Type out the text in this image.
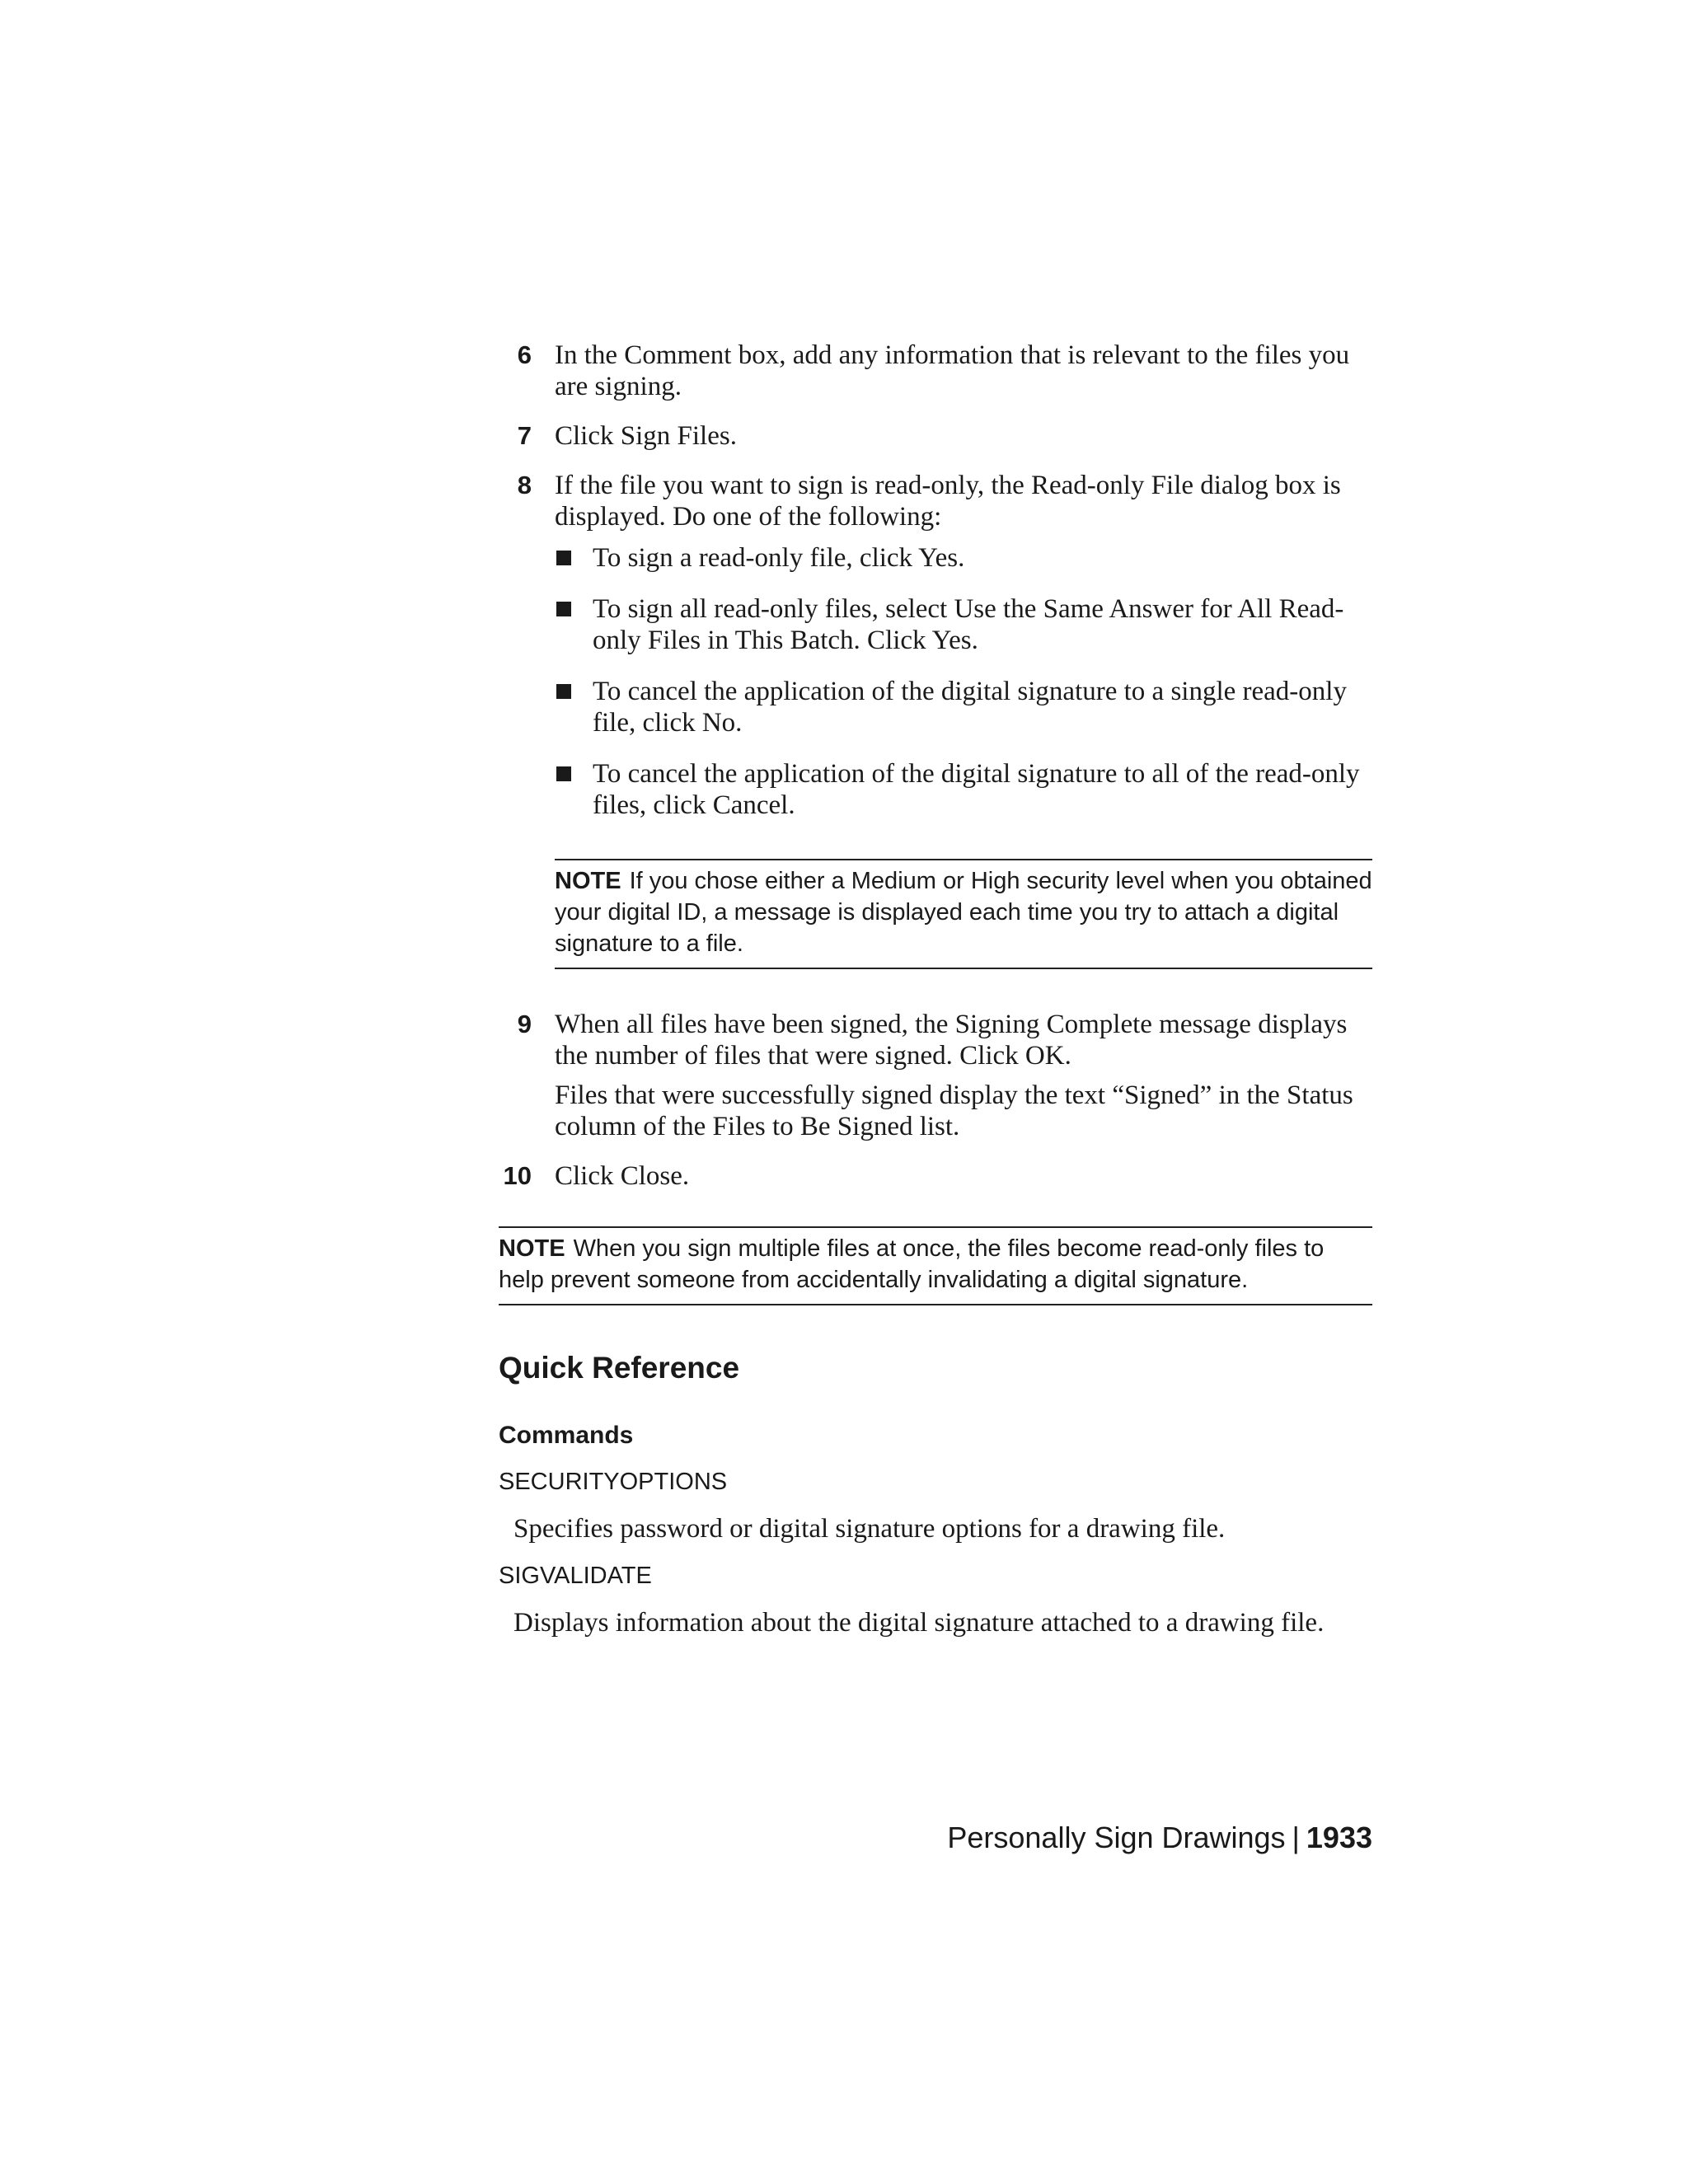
6 In the Comment box, add any information that is relevant to the files you are signing.

7 Click Sign Files.

8 If the file you want to sign is read-only, the Read-only File dialog box is displayed. Do one of the following:

To sign a read-only file, click Yes.
To sign all read-only files, select Use the Same Answer for All Read-only Files in This Batch. Click Yes.
To cancel the application of the digital signature to a single read-only file, click No.
To cancel the application of the digital signature to all of the read-only files, click Cancel.
NOTE If you chose either a Medium or High security level when you obtained your digital ID, a message is displayed each time you try to attach a digital signature to a file.
9 When all files have been signed, the Signing Complete message displays the number of files that were signed. Click OK.

Files that were successfully signed display the text “Signed” in the Status column of the Files to Be Signed list.

10 Click Close.

NOTE When you sign multiple files at once, the files become read-only files to help prevent someone from accidentally invalidating a digital signature.
Quick Reference
Commands
SECURITYOPTIONS
Specifies password or digital signature options for a drawing file.
SIGVALIDATE
Displays information about the digital signature attached to a drawing file.
Personally Sign Drawings | 1933
